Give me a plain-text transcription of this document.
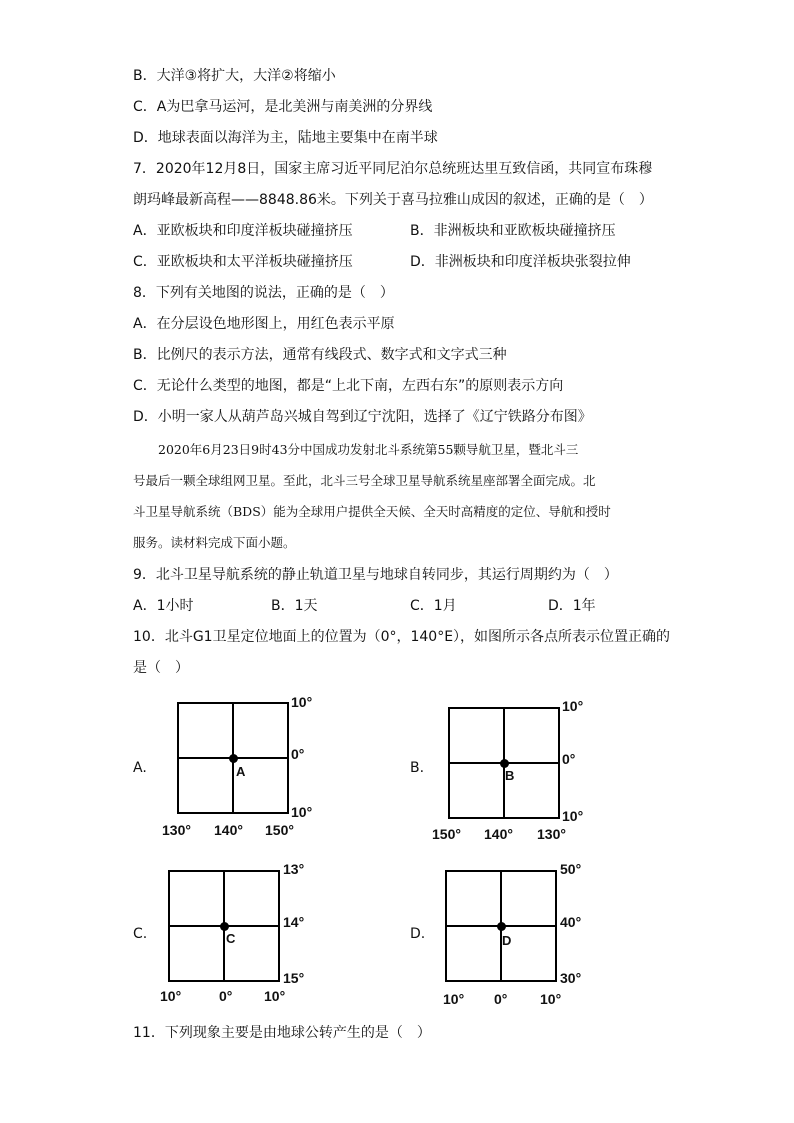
B．大洋③将扩大，大洋②将缩小
C．A为巴拿马运河，是北美洲与南美洲的分界线
D．地球表面以海洋为主，陆地主要集中在南半球
7．2020年12月8日，国家主席习近平同尼泊尔总统班达里互致信函，共同宣布珠穆
朗玛峰最新高程——8848.86米。下列关于喜马拉雅山成因的叙述，正确的是（　）
A．亚欧板块和印度洋板块碰撞挤压	B．非洲板块和亚欧板块碰撞挤压
C．亚欧板块和太平洋板块碰撞挤压	D．非洲板块和印度洋板块张裂拉伸
8．下列有关地图的说法，正确的是（　）
A．在分层设色地形图上，用红色表示平原
B．比例尺的表示方法，通常有线段式、数字式和文字式三种
C．无论什么类型的地图，都是“上北下南，左西右东”的原则表示方向
D．小明一家人从葫芦岛兴城自驾到辽宁沈阳，选择了《辽宁铁路分布图》
　　2020年6月23日9时43分中国成功发射北斗系统第55颗导航卫星，暨北斗三
号最后一颗全球组网卫星。至此，北斗三号全球卫星导航系统星座部署全面完成。北
斗卫星导航系统（BDS）能为全球用户提供全天候、全天时高精度的定位、导航和授时
服务。读材料完成下面小题。
9．北斗卫星导航系统的静止轨道卫星与地球自转同步，其运行周期约为（　）
A．1小时	B．1天	C．1月	D．1年
10．北斗G1卫星定位地面上的位置为（0°，140°E），如图所示各点所表示位置正确的
是（　）
A.	A
10°
0°
10°
130° 140° 150°
B.	B
10°
0°
10°
150° 140° 130°
C.	C
13°
14°
15°
10°	0° 10°
D.	D
50°
40°
30°
10° 0° 10°
11．下列现象主要是由地球公转产生的是（　）
